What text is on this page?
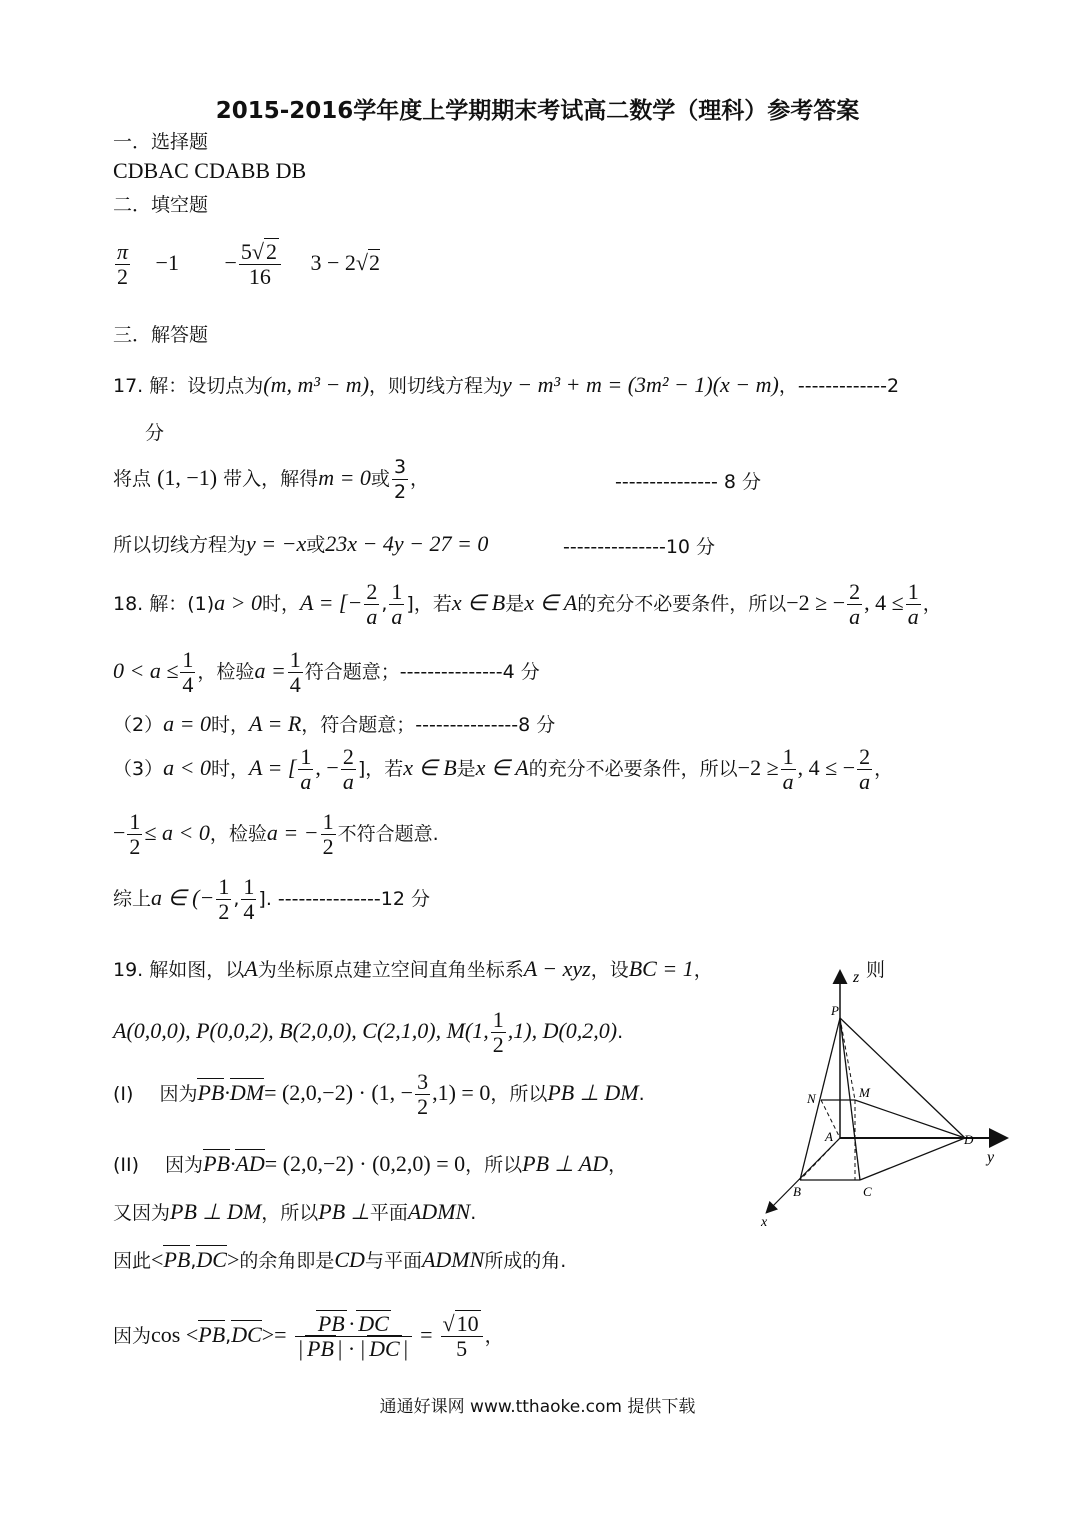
2015-2016学年度上学期期末考试高二数学（理科）参考答案
一．选择题
CDBAC CDABB DB
二．填空题
$\frac{\pi}{2} -1 - \frac{5√2}{16} 3 - 2√2$
三．解答题
17. 解：设切点为(m, m³ − m)，则切线方程为y − m³ + m = (3m² − 1)(x − m)，-------------2
分
将点 (1, −1) 带入，解得m = 0或 $\frac{3}{2}$ ，	--------------- 8 分
所以切线方程为y = −x或23x − 4y − 27 = 0	---------------10 分
18. 解：(1)a > 0时，A = [− $\frac{2}{a}$ , $\frac{1}{a}$ ]，若x ∈ B是x ∈ A的充分不必要条件，所以−2 ≥ − $\frac{2}{a}$ , $4 \le \frac{1}{a}$ ，
$0 < a \le \frac{1}{4}$ ，检验$a = \frac{1}{4}$ 符合题意；---------------4 分
（2）a = 0时，A = R，符合题意；---------------8 分
（3）a < 0时，A = [ $\frac{1}{a}$ , − $\frac{2}{a}$ ]，若x ∈ B是x ∈ A的充分不必要条件，所以$-2 \ge \frac{1}{a}$ , 4 ≤ − $\frac{2}{a}$ ，
− $\frac{1}{2} \le a < 0$，检验a = − $\frac{1}{2}$ 不符合题意.
综上a ∈ (− $\frac{1}{2}$ , $\frac{1}{4}$ ]. ---------------12 分
19. 解如图，以A为坐标原点建立空间直角坐标系A − xyz，设BC = 1，	则
A(0,0,0), P(0,0,2), B(2,0,0), C(2,1,0), M(1, $\frac{1}{2} ,1$), D(0,2,0).
(I) 因为PB·DM= (2,0,−2) · (1, − $\frac{3}{2} ,1) = 0$，所以PB ⊥ DM.
(II) 因为PB·AD= (2,0,−2) · (0,2,0) = 0，所以PB ⊥ AD，
又因为PB ⊥ DM，所以PB ⊥平面ADMN.
因此<PB,DC>的余角即是CD与平面ADMN所成的角.
因为$\cos <PB,DC>= \frac{PB \cdot DC}{| PB | \cdot | DC |} = \frac{√10}{5}$ ，
P
N	M
A	D
B	C
x
y
z
通通好课网 www.tthaoke.com 提供下载
